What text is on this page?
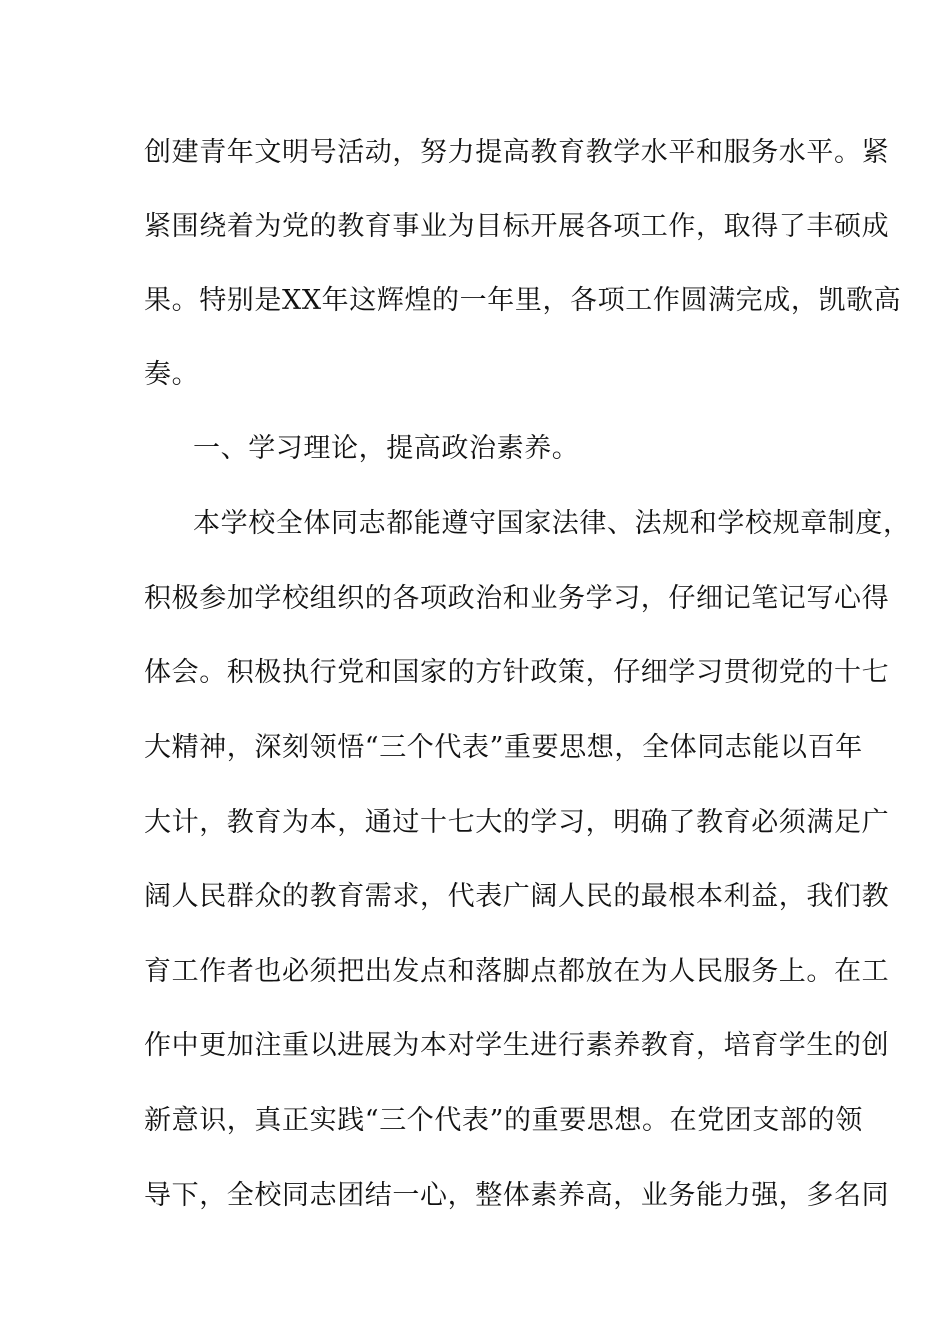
创建青年文明号活动，努力提高教育教学水平和服务水平。紧
紧围绕着为党的教育事业为目标开展各项工作，取得了丰硕成
果。特别是XX年这辉煌的一年里，各项工作圆满完成，凯歌高
奏。
一、学习理论，提高政治素养。
本学校全体同志都能遵守国家法律、法规和学校规章制度，
积极参加学校组织的各项政治和业务学习，仔细记笔记写心得
体会。积极执行党和国家的方针政策，仔细学习贯彻党的十七
大精神，深刻领悟“三个代表”重要思想，全体同志能以百年
大计，教育为本，通过十七大的学习，明确了教育必须满足广
阔人民群众的教育需求，代表广阔人民的最根本利益，我们教
育工作者也必须把出发点和落脚点都放在为人民服务上。在工
作中更加注重以进展为本对学生进行素养教育，培育学生的创
新意识，真正实践“三个代表”的重要思想。在党团支部的领
导下，全校同志团结一心，整体素养高，业务能力强，多名同
